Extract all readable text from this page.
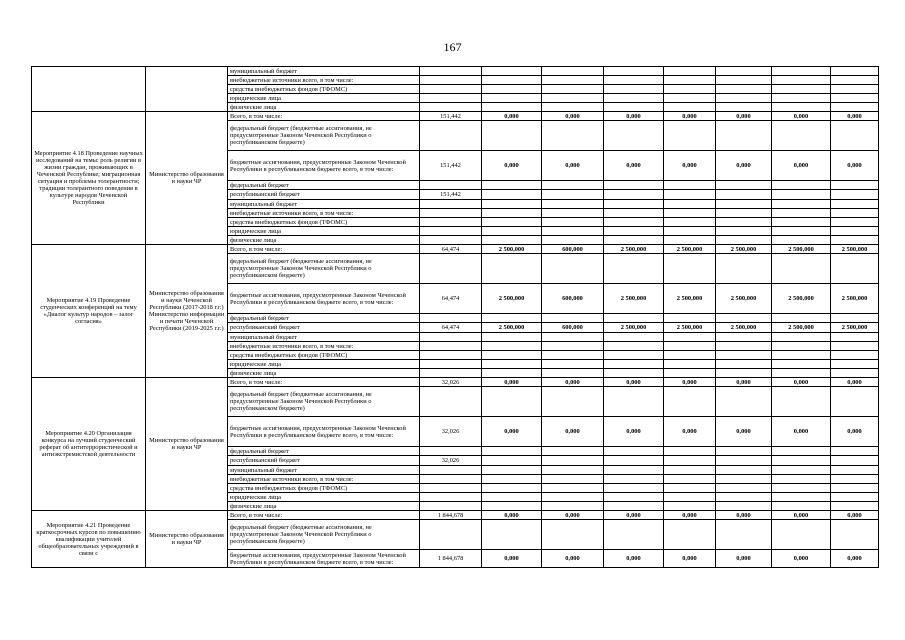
167
		муниципальный бюджет								
		внебюджетные источники всего, в том числе:								
		средства внебюджетных фондов (ТФОМС)								
		юридические лица								
		физические лица								
Мероприятие 4.18 Проведение научных исследований на темы: роль религии в жизни граждан, проживающих в Чеченской Республике; миграционная ситуация и проблемы толерантности; традиции толерантного поведения в культуре народов Чеченской Республики	Министерство образования и науки ЧР	Всего, в том числе:	151,442	0,000	0,000	0,000	0,000	0,000	0,000	0,000
		федеральный бюджет (бюджетные ассигнования, не предусмотренные Законом Чеченской Республики о республиканском бюджете)								
		бюджетные ассигнования, предусмотренные Законом Чеченской Республики в республиканском бюджете всего, в том числе:	151,442	0,000	0,000	0,000	0,000	0,000	0,000	0,000
		федеральный бюджет								
		республиканский бюджет	151,442							
		муниципальный бюджет								
		внебюджетные источники всего, в том числе:								
		средства внебюджетных фондов (ТФОМС)								
		юридические лица								
		физические лица								
Мероприятие 4.19 Проведение студенческих конференций на тему «Диалог культур народов – залог согласия»	Министерство образования и науки Чеченской Республики (2017-2018 г.г.) Министерство информации и печати Чеченской Республики (2019-2025 г.г.)	Всего, в том числе:	64,474	2 500,000	600,000	2 500,000	2 500,000	2 500,000	2 500,000	2 500,000
		федеральный бюджет (бюджетные ассигнования, не предусмотренные Законом Чеченской Республики о республиканском бюджете)								
		бюджетные ассигнования, предусмотренные Законом Чеченской Республики в республиканском бюджете всего, в том числе:	64,474	2 500,000	600,000	2 500,000	2 500,000	2 500,000	2 500,000	2 500,000
		федеральный бюджет								
		республиканский бюджет	64,474	2 500,000	600,000	2 500,000	2 500,000	2 500,000	2 500,000	2 500,000
		муниципальный бюджет								
		внебюджетные источники всего, в том числе:								
		средства внебюджетных фондов (ТФОМС)								
		юридические лица								
		физические лица								
Мероприятие 4.20 Организация конкурса на лучший студенческий реферат об антитеррористической и антиэкстремистской деятельности	Министерство образования и науки ЧР	Всего, в том числе:	32,026	0,000	0,000	0,000	0,000	0,000	0,000	0,000
		федеральный бюджет (бюджетные ассигнования, не предусмотренные Законом Чеченской Республики о республиканском бюджете)								
		бюджетные ассигнования, предусмотренные Законом Чеченской Республики в республиканском бюджете всего, в том числе:	32,026	0,000	0,000	0,000	0,000	0,000	0,000	0,000
		федеральный бюджет								
		республиканский бюджет	32,026							
		муниципальный бюджет								
		внебюджетные источники всего, в том числе:								
		средства внебюджетных фондов (ТФОМС)								
		юридические лица								
		физические лица								
Мероприятие 4.21 Проведение краткосрочных курсов по повышению квалификации учителей общеобразовательных учреждений в связи с	Министерство образования и науки ЧР	Всего, в том числе:	1 844,678	0,000	0,000	0,000	0,000	0,000	0,000	0,000
		федеральный бюджет (бюджетные ассигнования, не предусмотренные Законом Чеченской Республики о республиканском бюджете)								
		бюджетные ассигнования, предусмотренные Законом Чеченской Республики в республиканском бюджете всего, в том числе:	1 844,678	0,000	0,000	0,000	0,000	0,000	0,000	0,000
